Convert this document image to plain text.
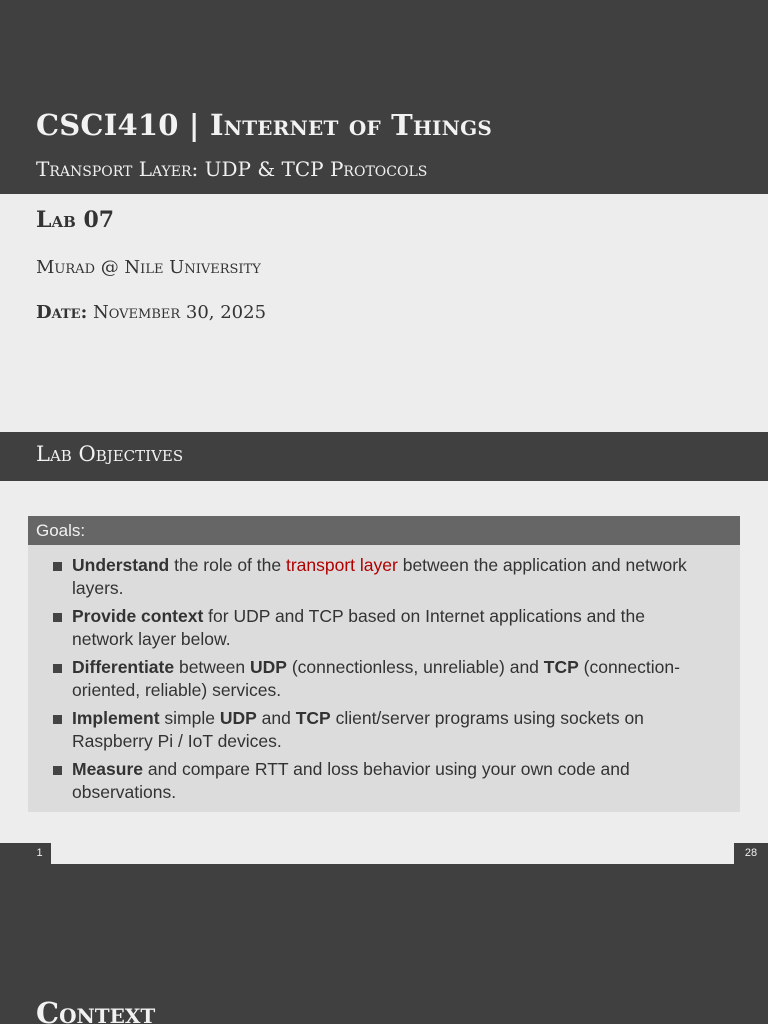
CSCI410 | Internet of Things
Transport Layer: UDP & TCP Protocols
Lab 07
Murad @ Nile University
Date: November 30, 2025
Lab Objectives
Goals:
Understand the role of the transport layer between the application and network layers.
Provide context for UDP and TCP based on Internet applications and the network layer below.
Differentiate between UDP (connectionless, unreliable) and TCP (connection-oriented, reliable) services.
Implement simple UDP and TCP client/server programs using sockets on Raspberry Pi / IoT devices.
Measure and compare RTT and loss behavior using your own code and observations.
1	28
Context
